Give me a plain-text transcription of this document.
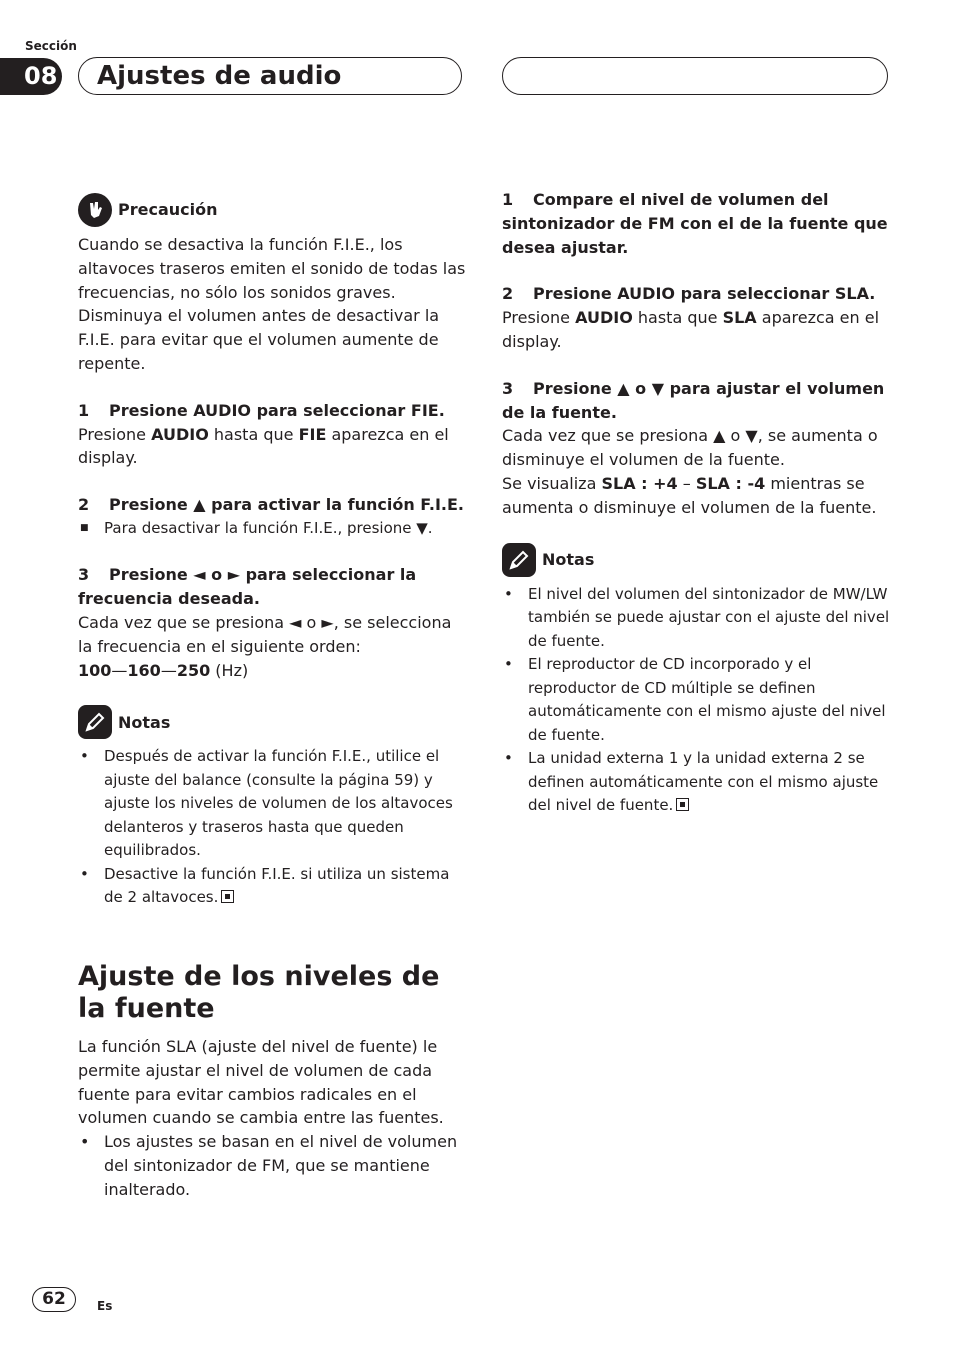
Sección
08	Ajustes de audio
Precaución

Cuando se desactiva la función F.I.E., los altavoces traseros emiten el sonido de todas las frecuencias, no sólo los sonidos graves. Disminuya el volumen antes de desactivar la F.I.E. para evitar que el volumen aumente de repente.

1 Presione AUDIO para seleccionar FIE.

Presione AUDIO hasta que FIE aparezca en el display.

2 Presione ▲ para activar la función F.I.E.

■ Para desactivar la función F.I.E., presione ▼.

3 Presione ◄ o ► para seleccionar la frecuencia deseada.

Cada vez que se presiona ◄ o ►, se selecciona la frecuencia en el siguiente orden:

100—160—250 (Hz)

Notas
• Después de activar la función F.I.E., utilice el ajuste del balance (consulte la página 59) y ajuste los niveles de volumen de los altavoces delanteros y traseros hasta que queden equilibrados.
• Desactive la función F.I.E. si utiliza un sistema de 2 altavoces.

Ajuste de los niveles de la fuente

La función SLA (ajuste del nivel de fuente) le permite ajustar el nivel de volumen de cada fuente para evitar cambios radicales en el volumen cuando se cambia entre las fuentes.

• Los ajustes se basan en el nivel de volumen del sintonizador de FM, que se mantiene inalterado.

1 Compare el nivel de volumen del sintonizador de FM con el de la fuente que desea ajustar.

2 Presione AUDIO para seleccionar SLA.

Presione AUDIO hasta que SLA aparezca en el display.

3 Presione ▲ o ▼ para ajustar el volumen de la fuente.

Cada vez que se presiona ▲ o ▼, se aumenta o disminuye el volumen de la fuente.

Se visualiza SLA : +4 – SLA : -4 mientras se aumenta o disminuye el volumen de la fuente.

Notas
• El nivel del volumen del sintonizador de MW/LW también se puede ajustar con el ajuste del nivel de fuente.
• El reproductor de CD incorporado y el reproductor de CD múltiple se definen automáticamente con el mismo ajuste del nivel de fuente.
• La unidad externa 1 y la unidad externa 2 se definen automáticamente con el mismo ajuste del nivel de fuente.
62	Es
